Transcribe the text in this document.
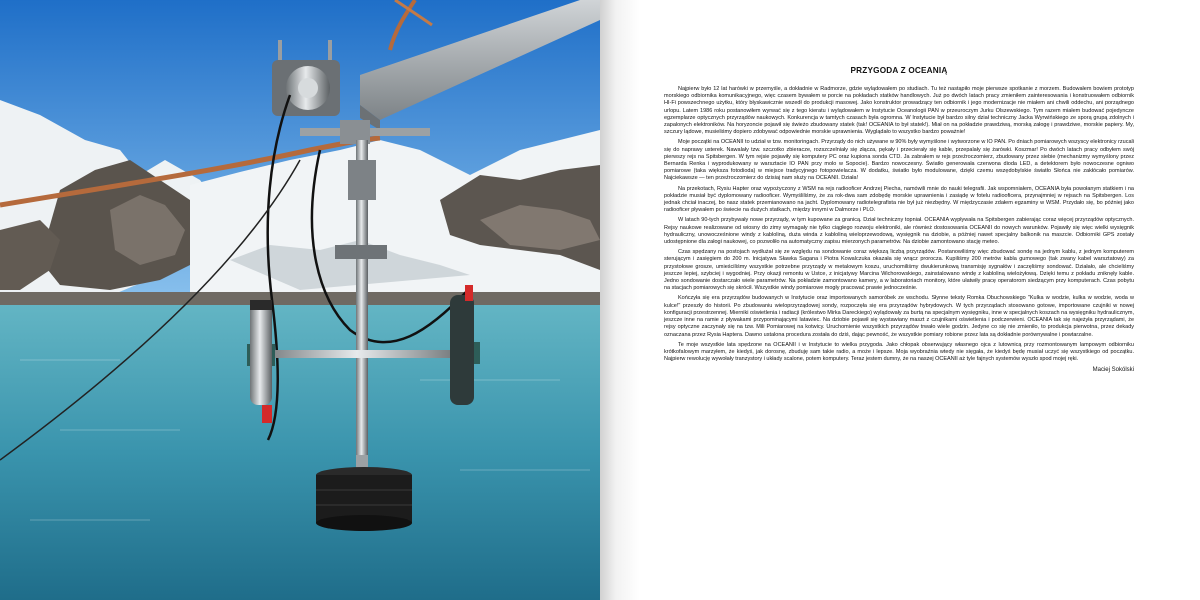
PRZYGODA Z OCEANIĄ

Najpierw było 12 lat harówki w przemyśle, a dokładnie w Radmorze, gdzie wylądowałem po studiach. Tu też nastąpiło moje pierwsze spotkanie z morzem. Budowałem bowiem prototyp morskiego odbiornika komunikacyjnego, więc czasem bywałem w porcie na pokładach statków handlowych. Już po dwóch latach pracy zmieniłem zainteresowania i konstruowałem odbiornik HI-Fi powszechnego użytku, który błyskawicznie wszedł do produkcji masowej. Jako konstruktor prowadzący ten odbiornik i jego modernizacje nie miałem ani chwili oddechu, ani porządnego urlopu. Latem 1986 roku postanowiłem wyrwać się z tego kieratu i wylądowałem w Instytucie Oceanologii PAN w przeuroczym Jurku Olszewskiego. Tym razem miałem budować pojedyncze egzemplarze optycznych przyrządów naukowych. Konkurencja w tamtych czasach była ogromna. W Instytucie był bardzo silny dział techniczny Jacka Wyrwińskiego ze sporą grupą zdolnych i zapalonych elektroników. Na horyzoncie pojawił się świeżo zbudowany statek (tak! OCEANIA to był statek!). Miał on na pokładzie prawdziwą, morską załogę i prawdziwe, morskie papiery. My, szczury lądowe, musieliśmy dopiero zdobywać odpowiednie morskie uprawnienia. Wyglądało to wszystko bardzo poważnie!

Moje początki na OCEANII to udział w tzw. monitoringach. Przyrządy do nich używane w 90% były wymyślone i wytworzone w IO PAN. Po dniach pomiarowych wszyscy elektronicy rzucali się do naprawy usterek. Nawalały tzw. szczotko zbieracze, rozszczelniały się złącza, pękały i przecierały się kable, przepalały się żarówki. Koszmar! Po dwóch latach pracy odbyłem swój pierwszy rejs na Spitsbergen. W tym rejsie pojawiły się komputery PC oraz kupiona sonda CTD. Ja zabrałem w rejs przeźroczomierz, zbudowany przez siebie (mechanizmy wymyślony przez Bernarda Renka i wyprodukowany w warsztacie IO PAN przy molo w Sopocie). Bardzo nowoczesny. Światło generowała czerwona dioda LED, a detektorem było nowoczesne ogniwo pomiarowe (taka większa fotodioda) w miejsce tradycyjnego fotopowielacza. W dodatku, światło było modulowane, dzięki czemu wszędobylskie światło Słońca nie zakłócało pomiarów. Najciekawsze — ten przeźroczomierz do dzisiaj nam służy na OCEANII. Działa!

Na przekotach, Rysiu Hapter oraz wypożyczony z WSM na rejs radiooficer Andrzej Piecha, namówili mnie do nauki telegrafii. Jak wspomniałem, OCEANIA była powołanym statkiem i na pokładzie musiał być dyplomowany radiooficer. Wymyśliliśmy, że za rok-dwa sam zdobędę morskie uprawnienia i zasiądę w fotelu radiooficera, przynajmniej w rejsach na Spitsbergen. Los jednak chciał inaczej, bo nasz statek przemianowano na jacht. Dyplomowany radiotelegrafista nie był już niezbędny. W międzyczasie zdałem egzaminy w WSM. Przydało się, bo później jako radiooficer pływałem po świecie na dużych statkach, między innymi w Dalmorze i PLO.

W latach 90-tych przybywały nowe przyrządy, w tym kupowane za granicą. Dział techniczny topniał. OCEANIA wypływała na Spitsbergen zabierając coraz więcej przyrządów optycznych. Rejsy naukowe realizowane od wiosny do zimy wymagały nie tylko ciągłego rozwoju elektroniki, ale również dostosowania OCEANII do nowych warunków. Pojawiły się więc wielki wysięgnik hydrauliczny, unowocześnione windy z kabloliną, duża winda z kabloliną wieloprzewodową, wysięgnik na dziobie, a później nawet specjalny balkonik na maszcie. Odbiorniki GPS zostały udostępnione dla załogi naukowej, co pozwoliło na automatyczny zapisu mierzonych parametrów. Na dziobie zamontowano stację meteo.

Czas spędzany na postojach wydłużał się ze względu na sondowanie coraz większą liczbą przyrządów. Postanowiliśmy więc zbudować sondę na jednym kablu, z jednym komputerem sterującym i zasięgiem do 200 m. Inicjatywa Sławka Sagana i Piotra Kowalczuka okazała się wrącz prorocza. Kupiliśmy 200 metrów kabla gumowego (tak zwany kabel warsztatowy) za przystołowe grosze, umieściliśmy wszystkie potrzebne przyrządy w metalowym koszu, uruchomiliśmy dwukierunkową transmisję sygnałów i zaczęliśmy sondować. Działało, ale chcieliśmy jeszcze lepiej, szybciej i wygodniej. Przy okazji remontu w Ustce, z inicjatywy Marcina Wichorowskiego, zainstalowano windę z kabloliną wielożyłową. Dzięki temu z pokładu zniknęły kable. Jedno sondowanie dostarczało wiele parametrów. Na pokładzie zamontowano kamery, a w laboratoriach monitory, które ułatwiły pracę operatorom siedzącym przy komputerach. Czas pobytu na stacjach pomiarowych się skrócił. Wszystkie windy pomiarowe mogły pracować prawie jednocześnie.

Kończyła się era przyrządów budowanych w Instytucie oraz importowanych samoróbek ze wschodu. Słynne teksty Romka Obuchowskiego "Kulka w wodzie, kulka w wodzie, woda w kulce!" przeszły do historii. Po zbudowaniu wieloprzyrządowej sondy, rozpoczęła się era przyrządów hybrydowych. W tych przyrządach stosowano gotowe, importowane czujniki w nowej konfiguracji przestrzennej. Mierniki oświetlenia i radiacji (królestwo Mirka Dareckiego) wylądowały za burtą na specjalnym wysięgniku, inne w specjalnych koszach na wysięgniku hydraulicznym, jeszcze inne na ramie z pływakami przypominającymi latawiec. Na dziobie pojawił się wystawiany maszt z czujnikami oświetlenia i podczerwieni. OCEANIA tak się najeżyła przyrządami, że rejsy optyczne zaczynały się na tzw. Mili Pomiarowej na kotwicy. Uruchomienie wszystkich przyrządów trwało wiele godzin. Jedyne co się nie zmieniło, to produkcja pierwotna, przez dekady oznaczana przez Rysia Haptera. Dawno ustalona procedura została do dziś, dając pewność, że wszystkie pomiary robione przez lata są dokładnie porównywalne i powtarzalne.

Te moje wszystkie lata spędzone na OCEANII i w Instytucie to wielka przygoda. Jako chłopak obserwujący własnego ojca z lutownicą przy rozmontowanym lampowym odbiorniku krótkofalowym marzyłem, że kiedyś, jak dorosnę, zbuduję sam takie radio, a może i lepsze. Moja wyobraźnia wtedy nie sięgała, że kiedyś będę musiał uczyć się wszystkiego od początku. Najpierw rewolucję wywołały tranzystory i układy scalone, potem komputery. Teraz jestem dumny, że na naszej OCEANII aż tyle fajnych systemów wyszło spod mojej ręki.

Maciej Sokólski
